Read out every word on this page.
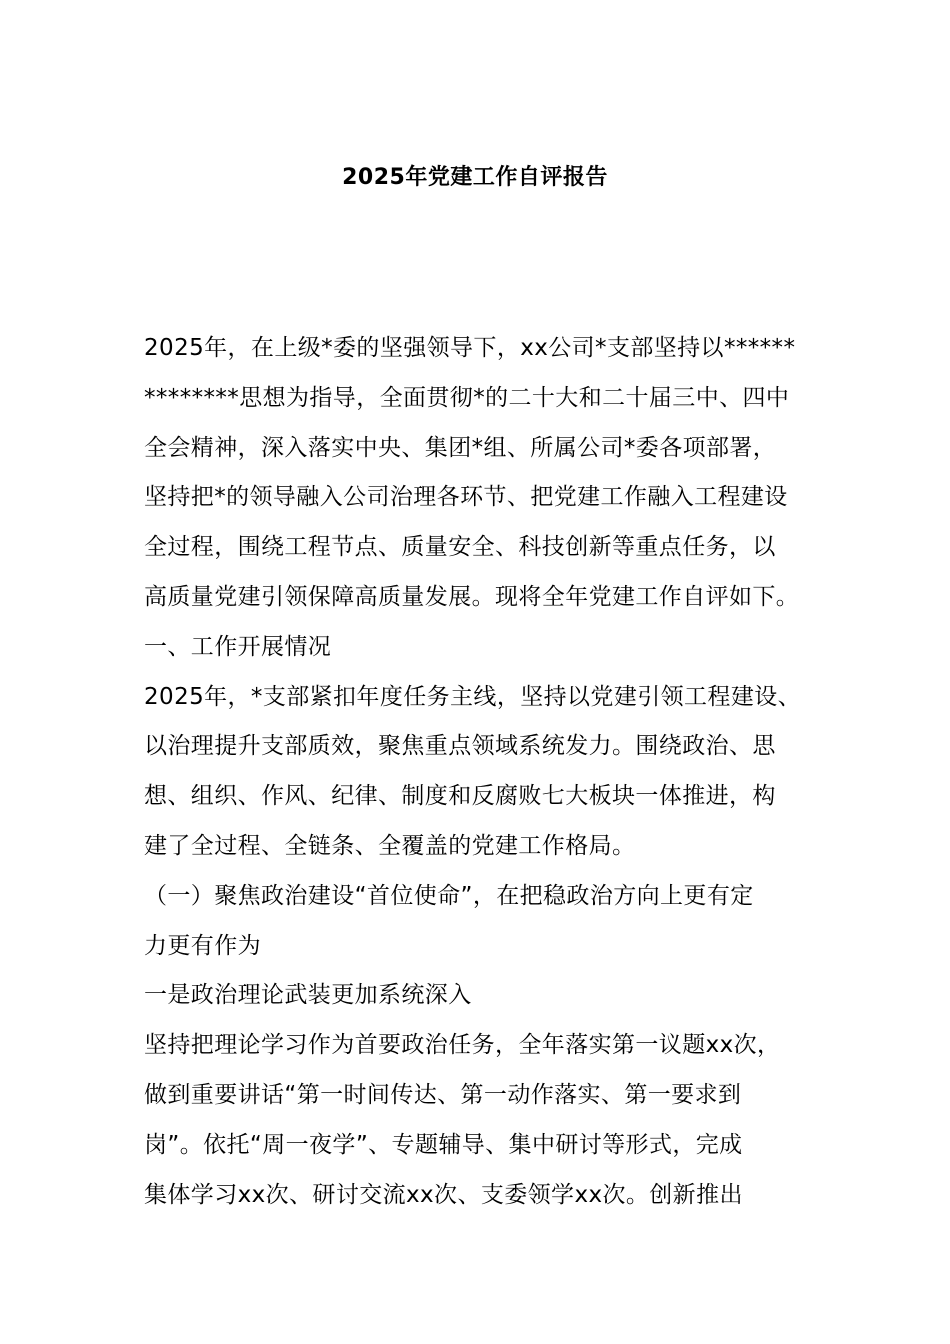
2025年党建工作自评报告
2025年，在上级*委的坚强领导下，xx公司*支部坚持以******
********思想为指导，全面贯彻*的二十大和二十届三中、四中
全会精神，深入落实中央、集团*组、所属公司*委各项部署，
坚持把*的领导融入公司治理各环节、把党建工作融入工程建设
全过程，围绕工程节点、质量安全、科技创新等重点任务，以
高质量党建引领保障高质量发展。现将全年党建工作自评如下。
一、工作开展情况
2025年，*支部紧扣年度任务主线，坚持以党建引领工程建设、
以治理提升支部质效，聚焦重点领域系统发力。围绕政治、思
想、组织、作风、纪律、制度和反腐败七大板块一体推进，构
建了全过程、全链条、全覆盖的党建工作格局。
（一）聚焦政治建设“首位使命”，在把稳政治方向上更有定
力更有作为
一是政治理论武装更加系统深入
坚持把理论学习作为首要政治任务，全年落实第一议题xx次，
做到重要讲话“第一时间传达、第一动作落实、第一要求到
岗”。依托“周一夜学”、专题辅导、集中研讨等形式，完成
集体学习xx次、研讨交流xx次、支委领学xx次。创新推出
